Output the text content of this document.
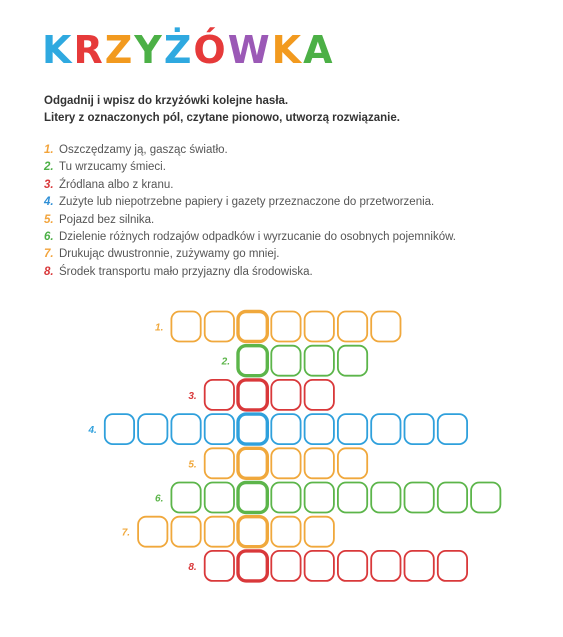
KRZYŻÓWKA
Odgadnij i wpisz do krzyżówki kolejne hasła.
Litery z oznaczonych pól, czytane pionowo, utworzą rozwiązanie.
1. Oszczędzamy ją, gasząc światło.
2. Tu wrzucamy śmieci.
3. Źródlana albo z kranu.
4. Zużyte lub niepotrzebne papiery i gazety przeznaczone do przetworzenia.
5. Pojazd bez silnika.
6. Dzielenie różnych rodzajów odpadków i wyrzucanie do osobnych pojemników.
7. Drukując dwustronnie, zużywamy go mniej.
8. Środek transportu mało przyjazny dla środowiska.
1.
2.
3.
4.
5.
6.
7.
8.
